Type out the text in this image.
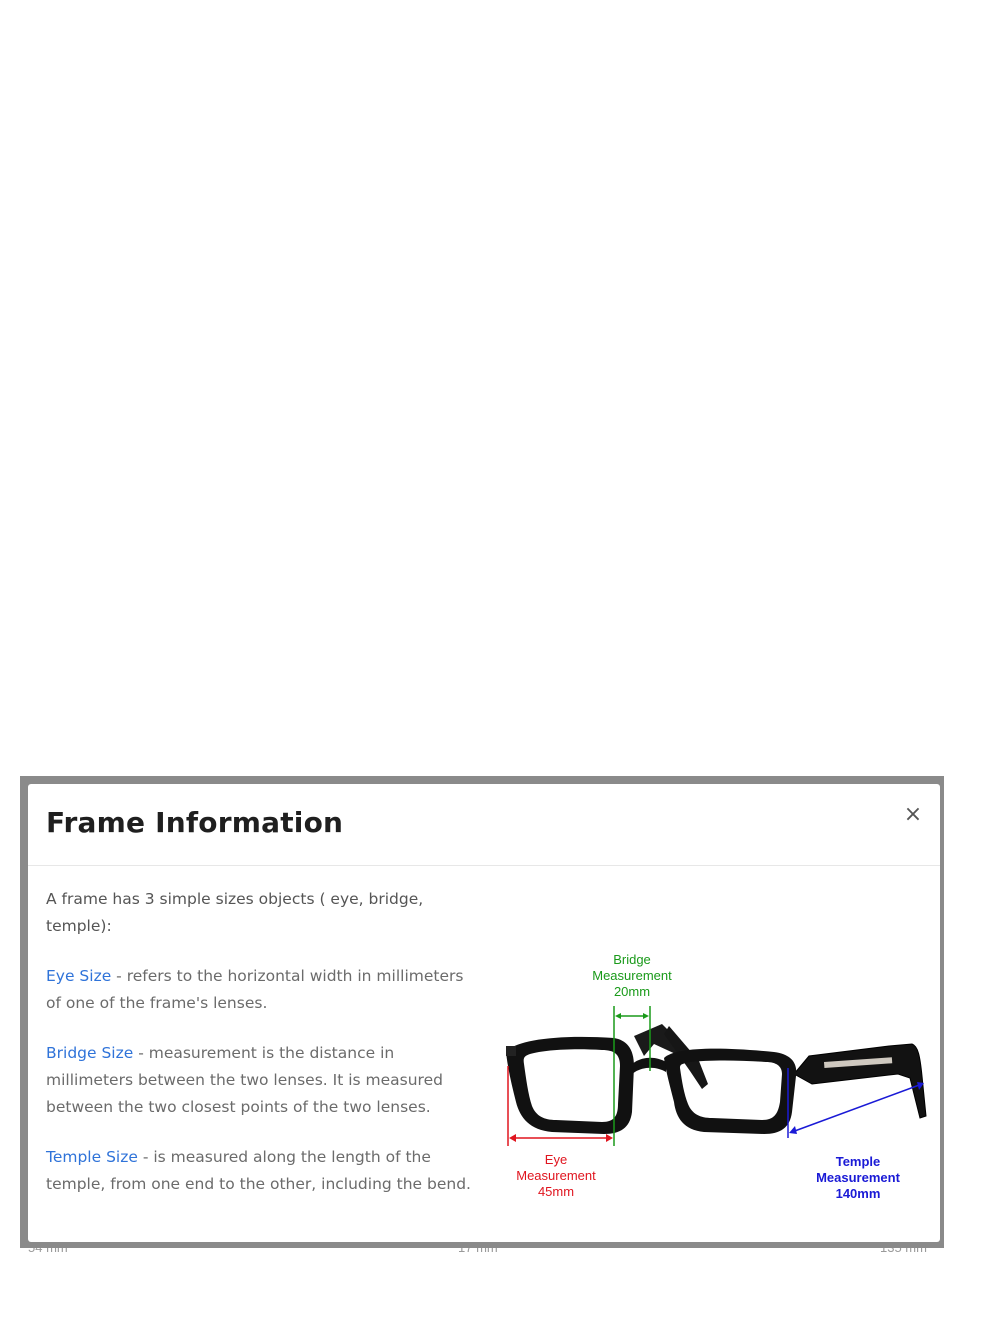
Frame Information	×

A frame has 3 simple sizes objects ( eye, bridge, temple):

Eye Size - refers to the horizontal width in millimeters of one of the frame's lenses.

Bridge Size - measurement is the distance in millimeters between the two lenses. It is measured between the two closest points of the two lenses.

Temple Size - is measured along the length of the temple, from one end to the other, including the bend.

Bridge
Measurement
20mm
Eye
Measurement
45mm
Temple
Measurement
140mm
